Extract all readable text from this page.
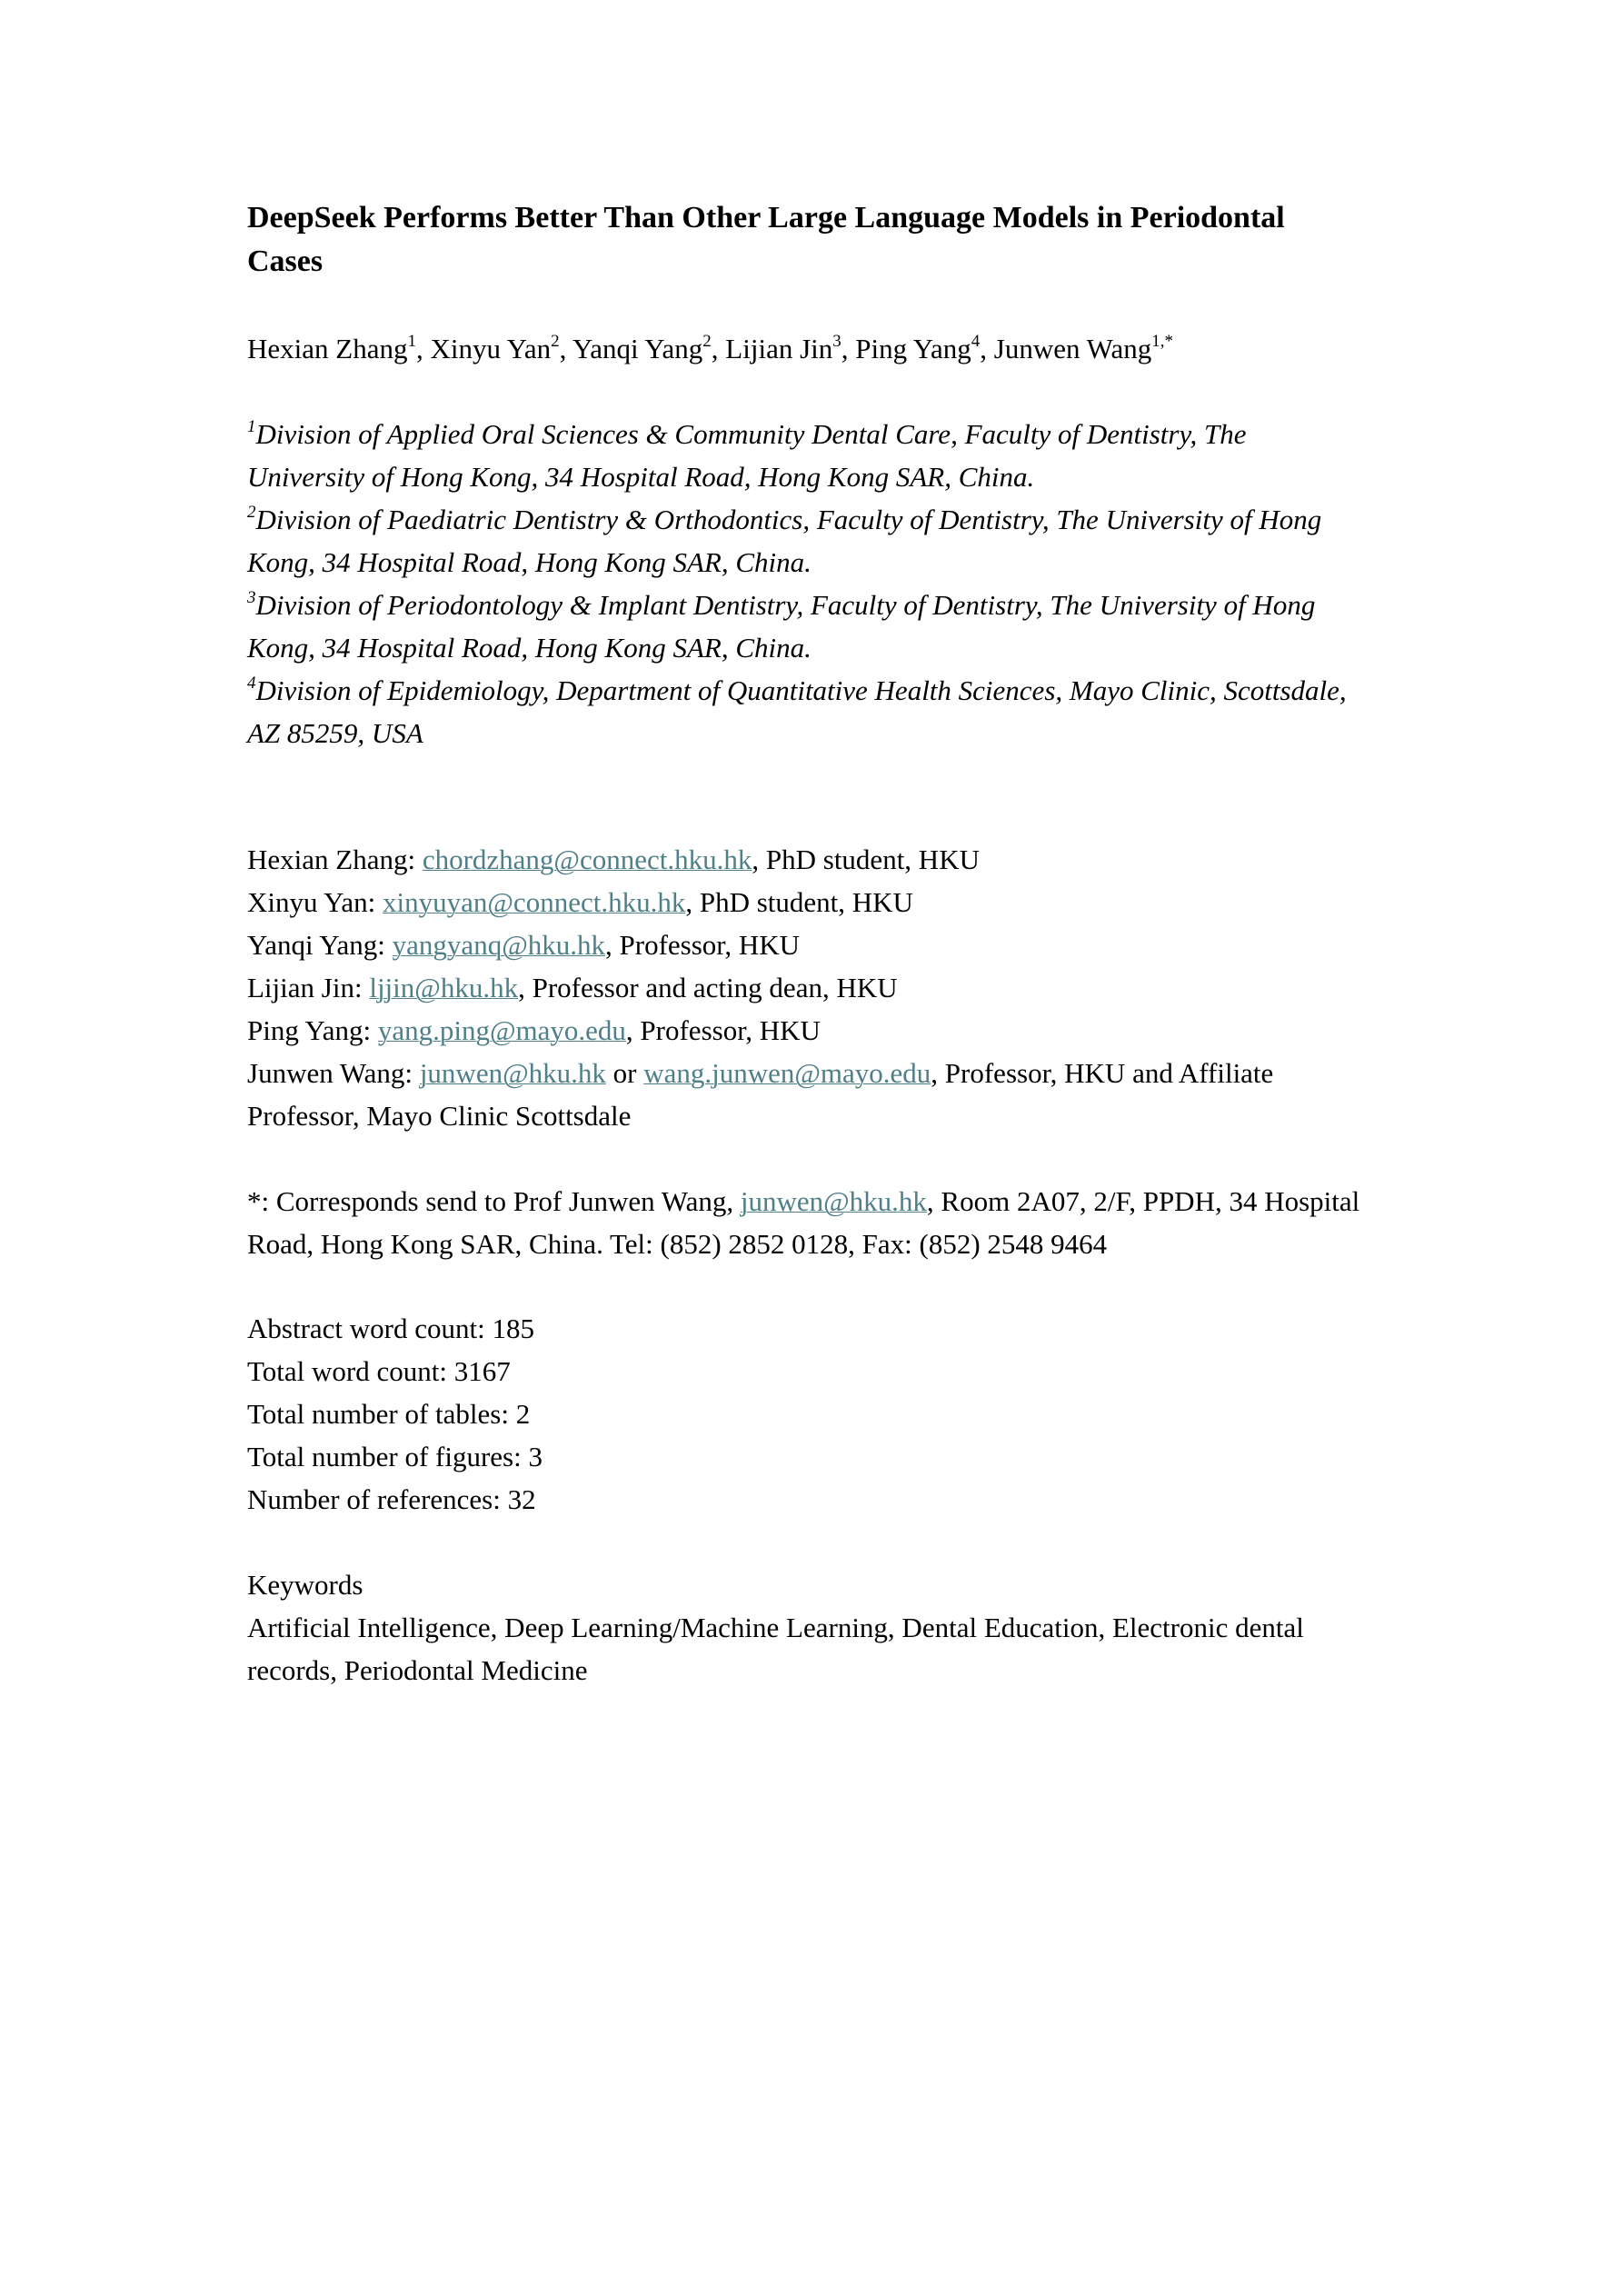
DeepSeek Performs Better Than Other Large Language Models in Periodontal
Cases
Hexian Zhang$^1$, Xinyu Yan$^2$, Yanqi Yang$^2$, Lijian Jin$^3$, Ping Yang$^4$, Junwen Wang$^{1,*}$
$^1$Division of Applied Oral Sciences & Community Dental Care, Faculty of Dentistry, The
University of Hong Kong, 34 Hospital Road, Hong Kong SAR, China.
$^2$Division of Paediatric Dentistry & Orthodontics, Faculty of Dentistry, The University of Hong
Kong, 34 Hospital Road, Hong Kong SAR, China.
$^3$Division of Periodontology & Implant Dentistry, Faculty of Dentistry, The University of Hong
Kong, 34 Hospital Road, Hong Kong SAR, China.
$^4$Division of Epidemiology, Department of Quantitative Health Sciences, Mayo Clinic, Scottsdale,
AZ 85259, USA
Hexian Zhang: chordzhang@connect.hku.hk, PhD student, HKU
Xinyu Yan: xinyuyan@connect.hku.hk, PhD student, HKU
Yanqi Yang: yangyanq@hku.hk, Professor, HKU
Lijian Jin: ljjin@hku.hk, Professor and acting dean, HKU
Ping Yang: yang.ping@mayo.edu, Professor, HKU
Junwen Wang: junwen@hku.hk or wang.junwen@mayo.edu, Professor, HKU and Affiliate
Professor, Mayo Clinic Scottsdale
*: Corresponds send to Prof Junwen Wang, junwen@hku.hk, Room 2A07, 2/F, PPDH, 34 Hospital
Road, Hong Kong SAR, China. Tel: (852) 2852 0128, Fax: (852) 2548 9464
Abstract word count: 185
Total word count: 3167
Total number of tables: 2
Total number of figures: 3
Number of references: 32
Keywords
Artificial Intelligence, Deep Learning/Machine Learning, Dental Education, Electronic dental
records, Periodontal Medicine
